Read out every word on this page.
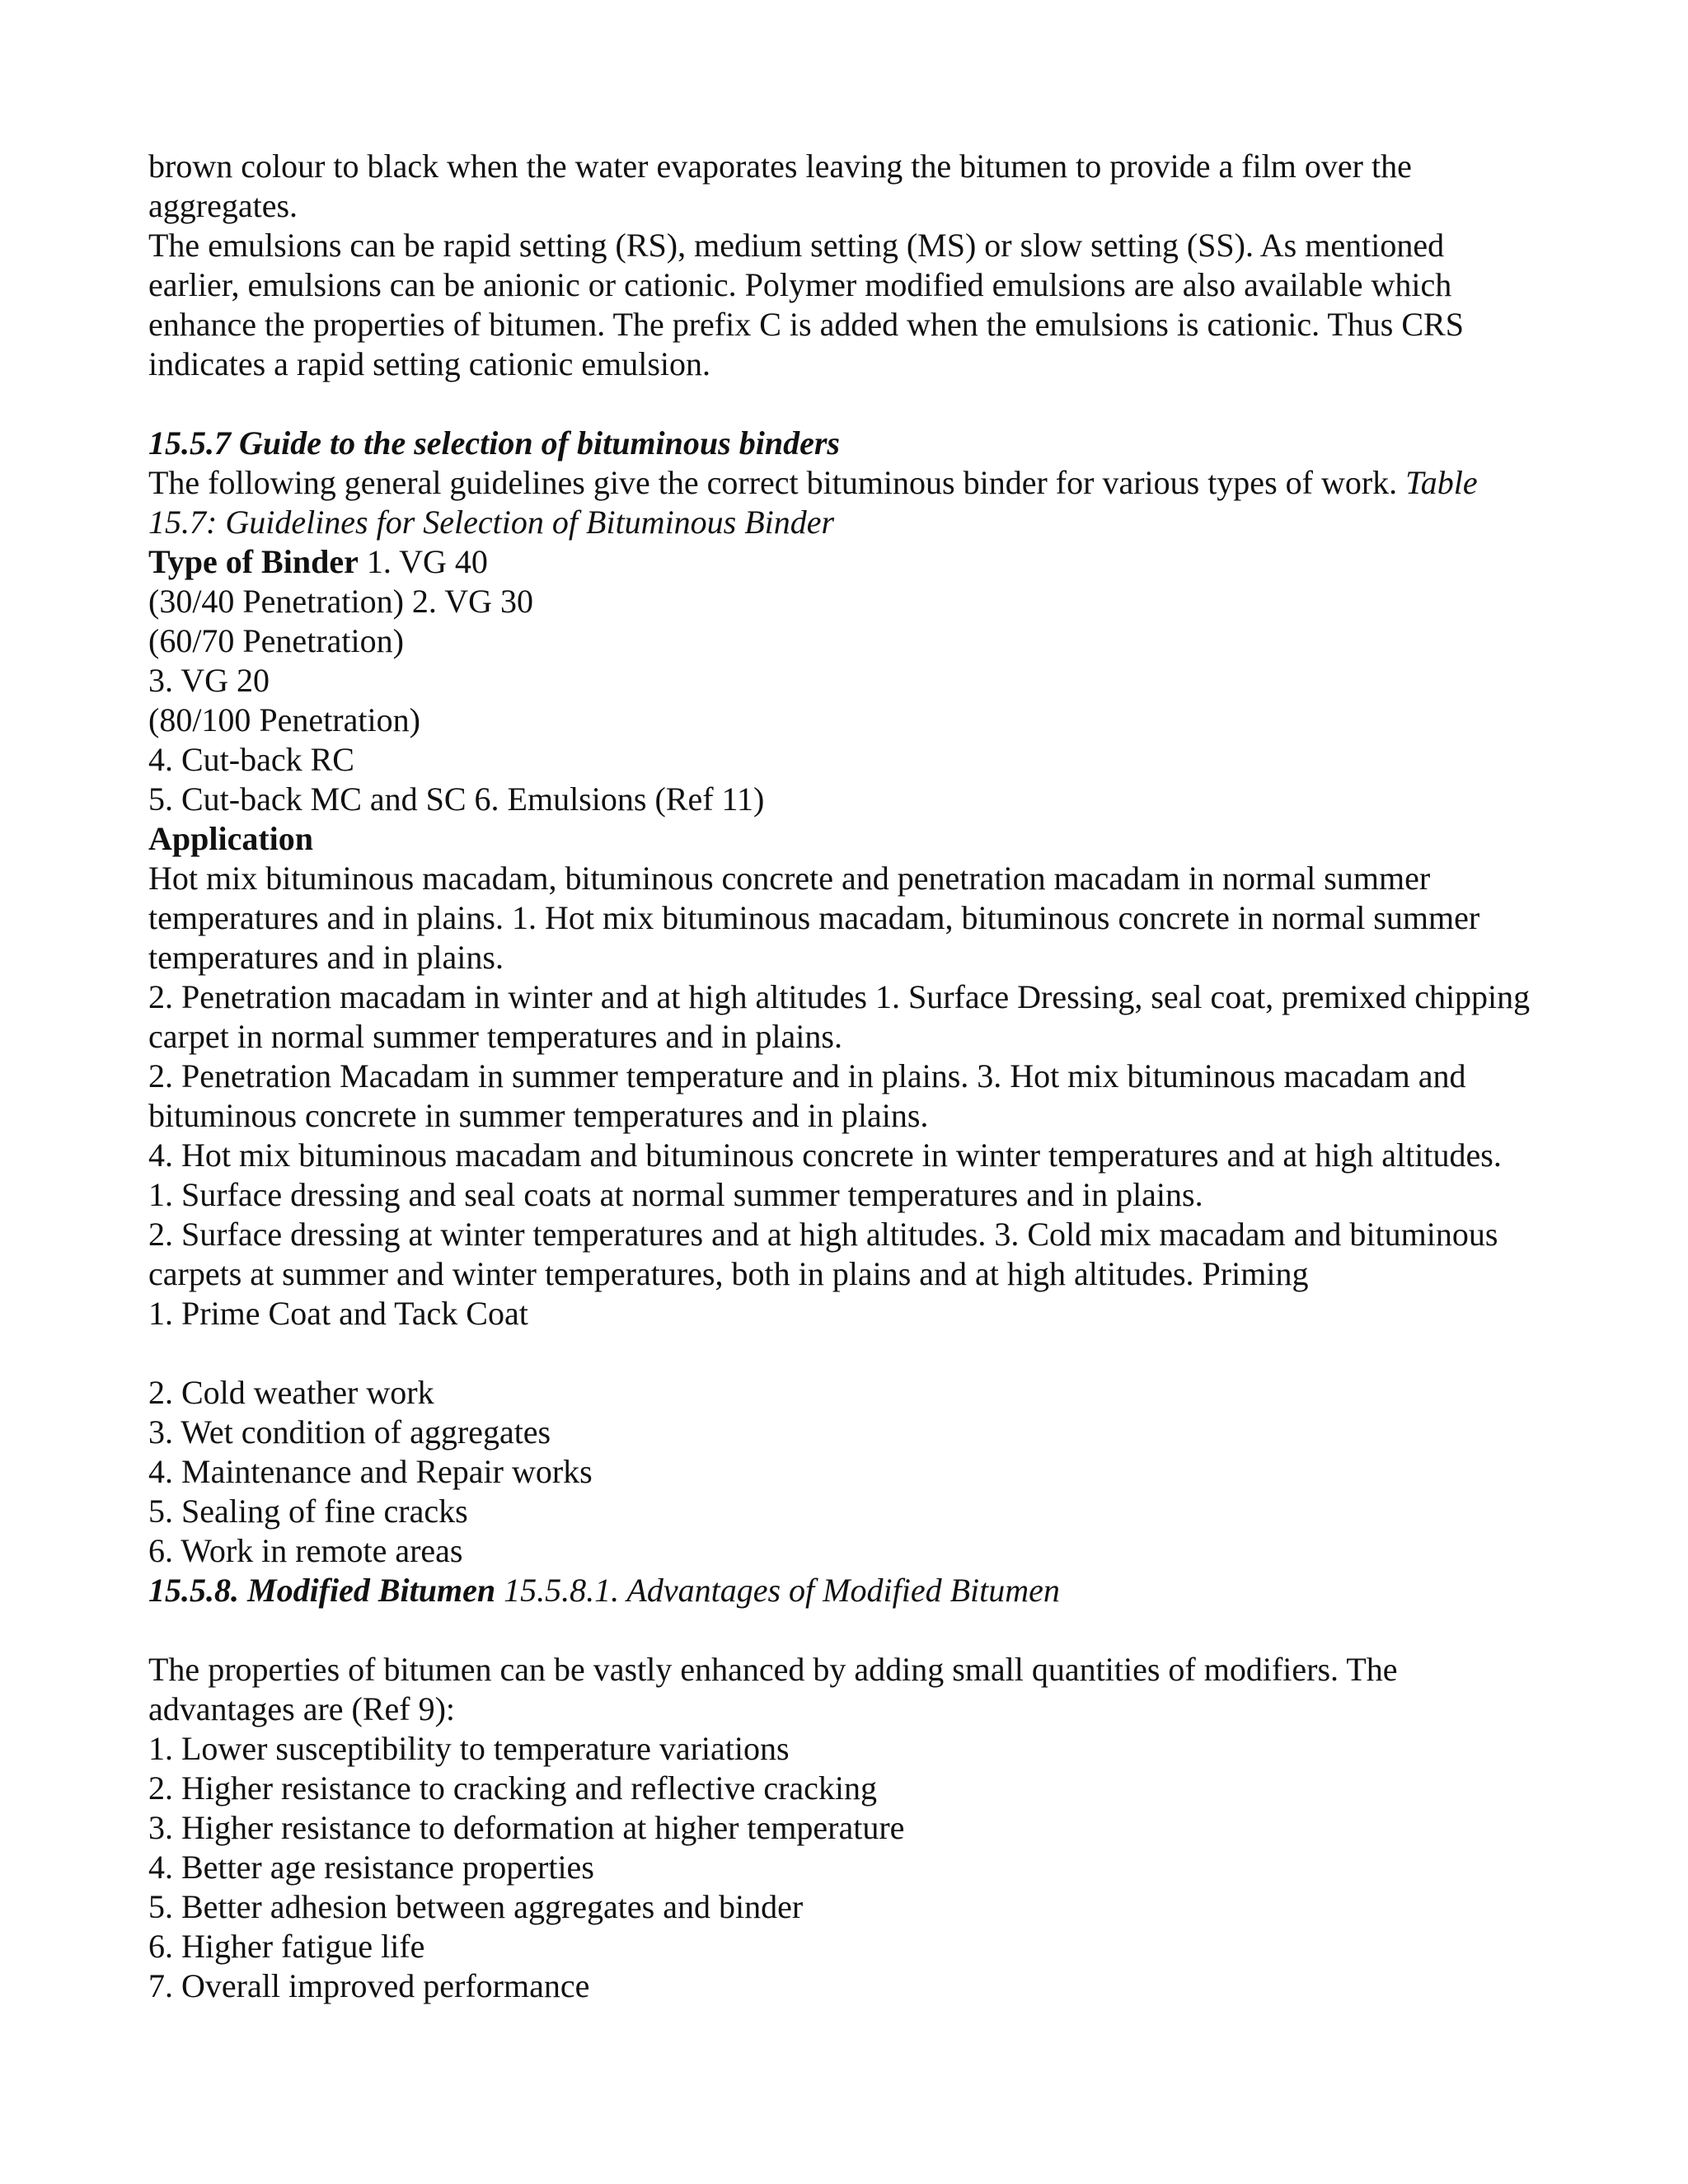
brown colour to black when the water evaporates leaving the bitumen to provide a film over the
aggregates.
The emulsions can be rapid setting (RS), medium setting (MS) or slow setting (SS). As mentioned
earlier, emulsions can be anionic or cationic. Polymer modified emulsions are also available which
enhance the properties of bitumen. The prefix C is added when the emulsions is cationic. Thus CRS
indicates a rapid setting cationic emulsion.
15.5.7 Guide to the selection of bituminous binders
The following general guidelines give the correct bituminous binder for various types of work. Table
15.7: Guidelines for Selection of Bituminous Binder
Type of Binder 1. VG 40
(30/40 Penetration) 2. VG 30
(60/70 Penetration)
3. VG 20
(80/100 Penetration)
4. Cut-back RC
5. Cut-back MC and SC 6. Emulsions (Ref 11)
Application
Hot mix bituminous macadam, bituminous concrete and penetration macadam in normal summer
temperatures and in plains. 1. Hot mix bituminous macadam, bituminous concrete in normal summer
temperatures and in plains.
2. Penetration macadam in winter and at high altitudes 1. Surface Dressing, seal coat, premixed chipping
carpet in normal summer temperatures and in plains.
2. Penetration Macadam in summer temperature and in plains. 3. Hot mix bituminous macadam and
bituminous concrete in summer temperatures and in plains.
4. Hot mix bituminous macadam and bituminous concrete in winter temperatures and at high altitudes.
1. Surface dressing and seal coats at normal summer temperatures and in plains.
2. Surface dressing at winter temperatures and at high altitudes. 3. Cold mix macadam and bituminous
carpets at summer and winter temperatures, both in plains and at high altitudes. Priming
1. Prime Coat and Tack Coat
2. Cold weather work
3. Wet condition of aggregates
4. Maintenance and Repair works
5. Sealing of fine cracks
6. Work in remote areas
15.5.8. Modified Bitumen 15.5.8.1. Advantages of Modified Bitumen
The properties of bitumen can be vastly enhanced by adding small quantities of modifiers. The
advantages are (Ref 9):
1. Lower susceptibility to temperature variations
2. Higher resistance to cracking and reflective cracking
3. Higher resistance to deformation at higher temperature
4. Better age resistance properties
5. Better adhesion between aggregates and binder
6. Higher fatigue life
7. Overall improved performance
